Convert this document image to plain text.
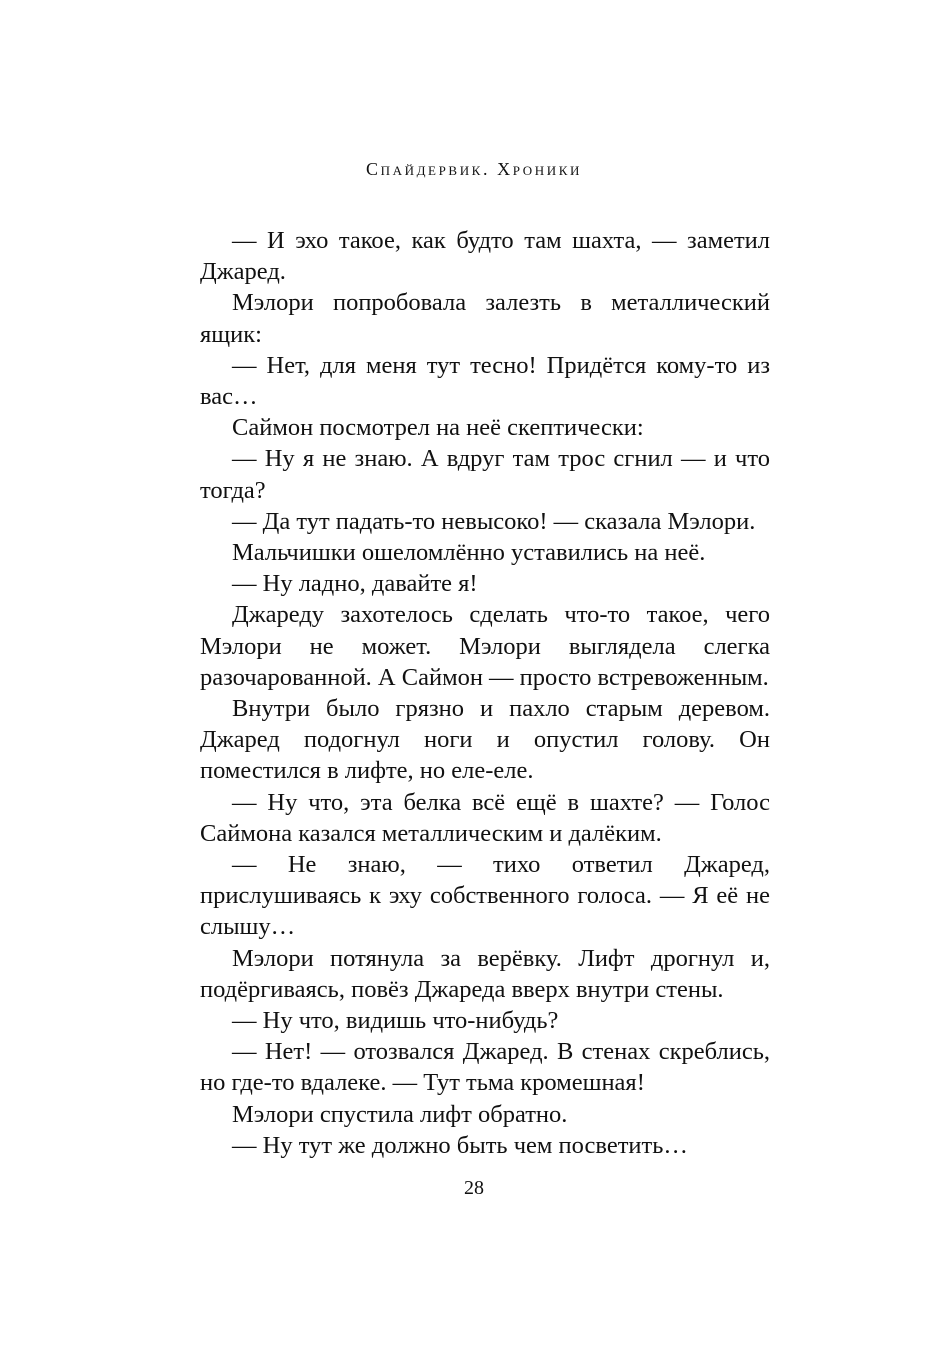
Спайдервик. Хроники

— И эхо такое, как будто там шахта, — заметил Джаред.

Мэлори попробовала залезть в металлический ящик:

— Нет, для меня тут тесно! Придётся кому-то из вас…

Саймон посмотрел на неё скептически:

— Ну я не знаю. А вдруг там трос сгнил — и что тогда?

— Да тут падать-то невысоко! — сказала Мэлори.

Мальчишки ошеломлённо уставились на неё.

— Ну ладно, давайте я!

Джареду захотелось сделать что-то такое, чего Мэлори не может. Мэлори выглядела слегка разочарованной. А Саймон — просто встревоженным.

Внутри было грязно и пахло старым деревом. Джаред подогнул ноги и опустил голову. Он поместился в лифте, но еле-еле.

— Ну что, эта белка всё ещё в шахте? — Голос Саймона казался металлическим и далёким.

— Не знаю, — тихо ответил Джаред, прислушиваясь к эху собственного голоса. — Я её не слышу…

Мэлори потянула за верёвку. Лифт дрогнул и, подёргиваясь, повёз Джареда вверх внутри стены.

— Ну что, видишь что-нибудь?

— Нет! — отозвался Джаред. В стенах скреблись, но где-то вдалеке. — Тут тьма кромешная!

Мэлори спустила лифт обратно.

— Ну тут же должно быть чем посветить…

28
